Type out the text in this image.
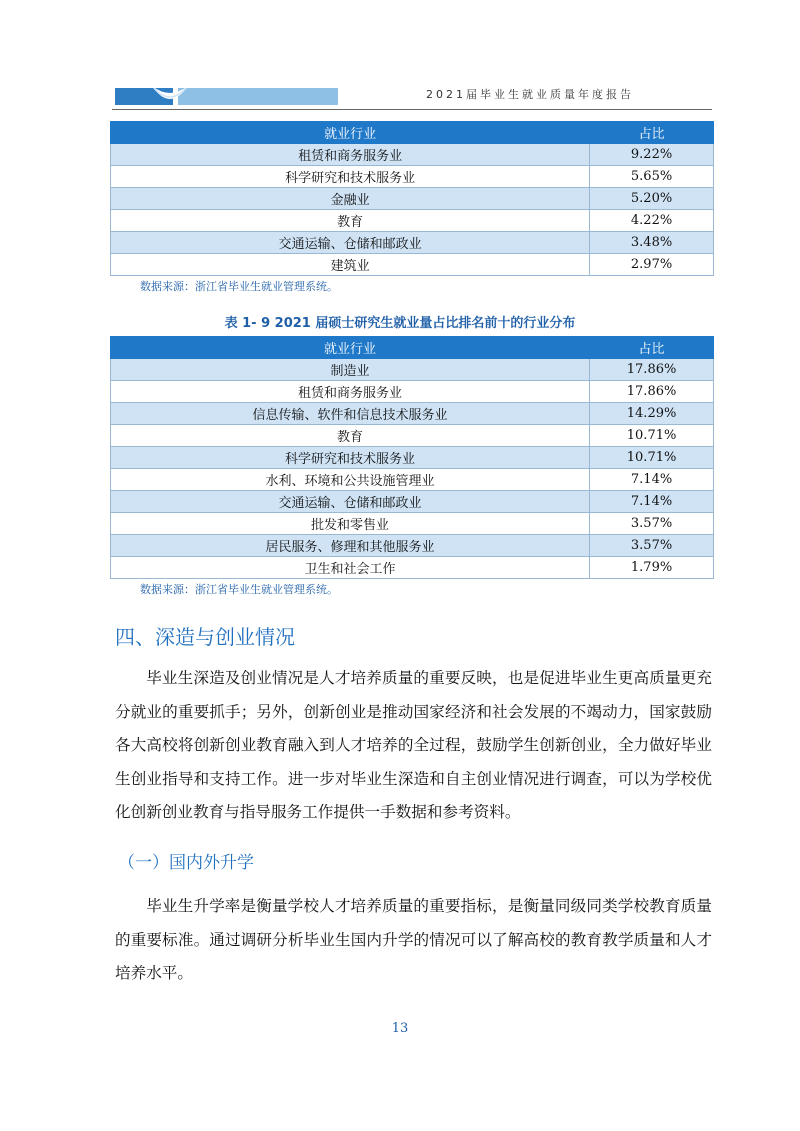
2021届毕业生就业质量年度报告
就业行业	占比
租赁和商务服务业	9.22%
科学研究和技术服务业	5.65%
金融业	5.20%
教育	4.22%
交通运输、仓储和邮政业	3.48%
建筑业	2.97%
数据来源：浙江省毕业生就业管理系统。
表 1- 9 2021 届硕士研究生就业量占比排名前十的行业分布
就业行业	占比
制造业	17.86%
租赁和商务服务业	17.86%
信息传输、软件和信息技术服务业	14.29%
教育	10.71%
科学研究和技术服务业	10.71%
水利、环境和公共设施管理业	7.14%
交通运输、仓储和邮政业	7.14%
批发和零售业	3.57%
居民服务、修理和其他服务业	3.57%
卫生和社会工作	1.79%
数据来源：浙江省毕业生就业管理系统。
四、深造与创业情况

毕业生深造及创业情况是人才培养质量的重要反映，也是促进毕业生更高质量更充分就业的重要抓手；另外，创新创业是推动国家经济和社会发展的不竭动力，国家鼓励各大高校将创新创业教育融入到人才培养的全过程，鼓励学生创新创业，全力做好毕业生创业指导和支持工作。进一步对毕业生深造和自主创业情况进行调查，可以为学校优化创新创业教育与指导服务工作提供一手数据和参考资料。

（一）国内外升学

毕业生升学率是衡量学校人才培养质量的重要指标，是衡量同级同类学校教育质量的重要标准。通过调研分析毕业生国内升学的情况可以了解高校的教育教学质量和人才培养水平。

13
